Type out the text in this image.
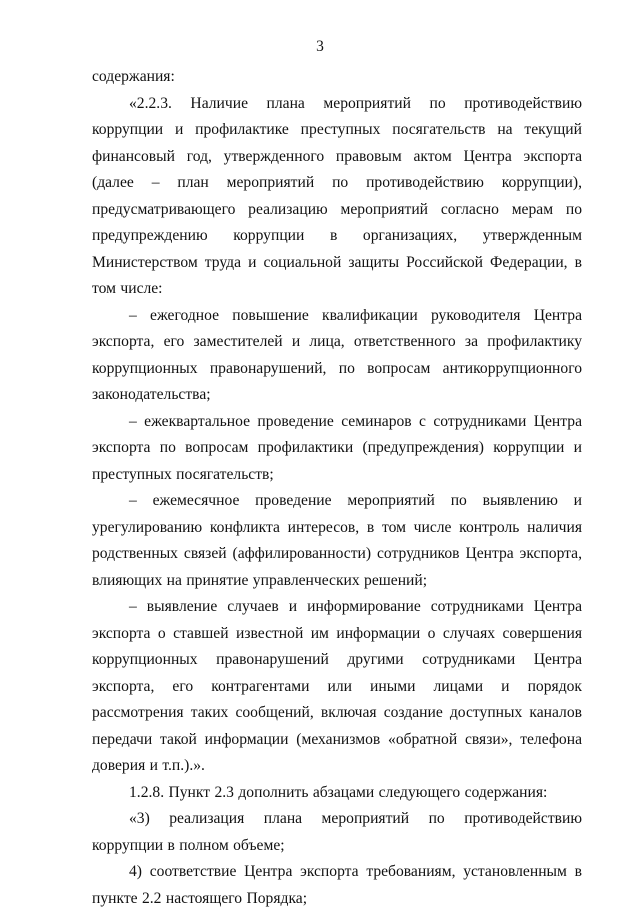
3

содержания:

«2.2.3. Наличие плана мероприятий по противодействию коррупции и профилактике преступных посягательств на текущий финансовый год, утвержденного правовым актом Центра экспорта (далее – план мероприятий по противодействию коррупции), предусматривающего реализацию мероприятий согласно мерам по предупреждению коррупции в организациях, утвержденным Министерством труда и социальной защиты Российской Федерации, в том числе:

– ежегодное повышение квалификации руководителя Центра экспорта, его заместителей и лица, ответственного за профилактику коррупционных правонарушений, по вопросам антикоррупционного законодательства;

– ежеквартальное проведение семинаров с сотрудниками Центра экспорта по вопросам профилактики (предупреждения) коррупции и преступных посягательств;

– ежемесячное проведение мероприятий по выявлению и урегулированию конфликта интересов, в том числе контроль наличия родственных связей (аффилированности) сотрудников Центра экспорта, влияющих на принятие управленческих решений;

– выявление случаев и информирование сотрудниками Центра экспорта о ставшей известной им информации о случаях совершения коррупционных правонарушений другими сотрудниками Центра экспорта, его контрагентами или иными лицами и порядок рассмотрения таких сообщений, включая создание доступных каналов передачи такой информации (механизмов «обратной связи», телефона доверия и т.п.).».

1.2.8. Пункт 2.3 дополнить абзацами следующего содержания:

«3) реализация плана мероприятий по противодействию коррупции в полном объеме;

4) соответствие Центра экспорта требованиям, установленным в пункте 2.2 настоящего Порядка;
